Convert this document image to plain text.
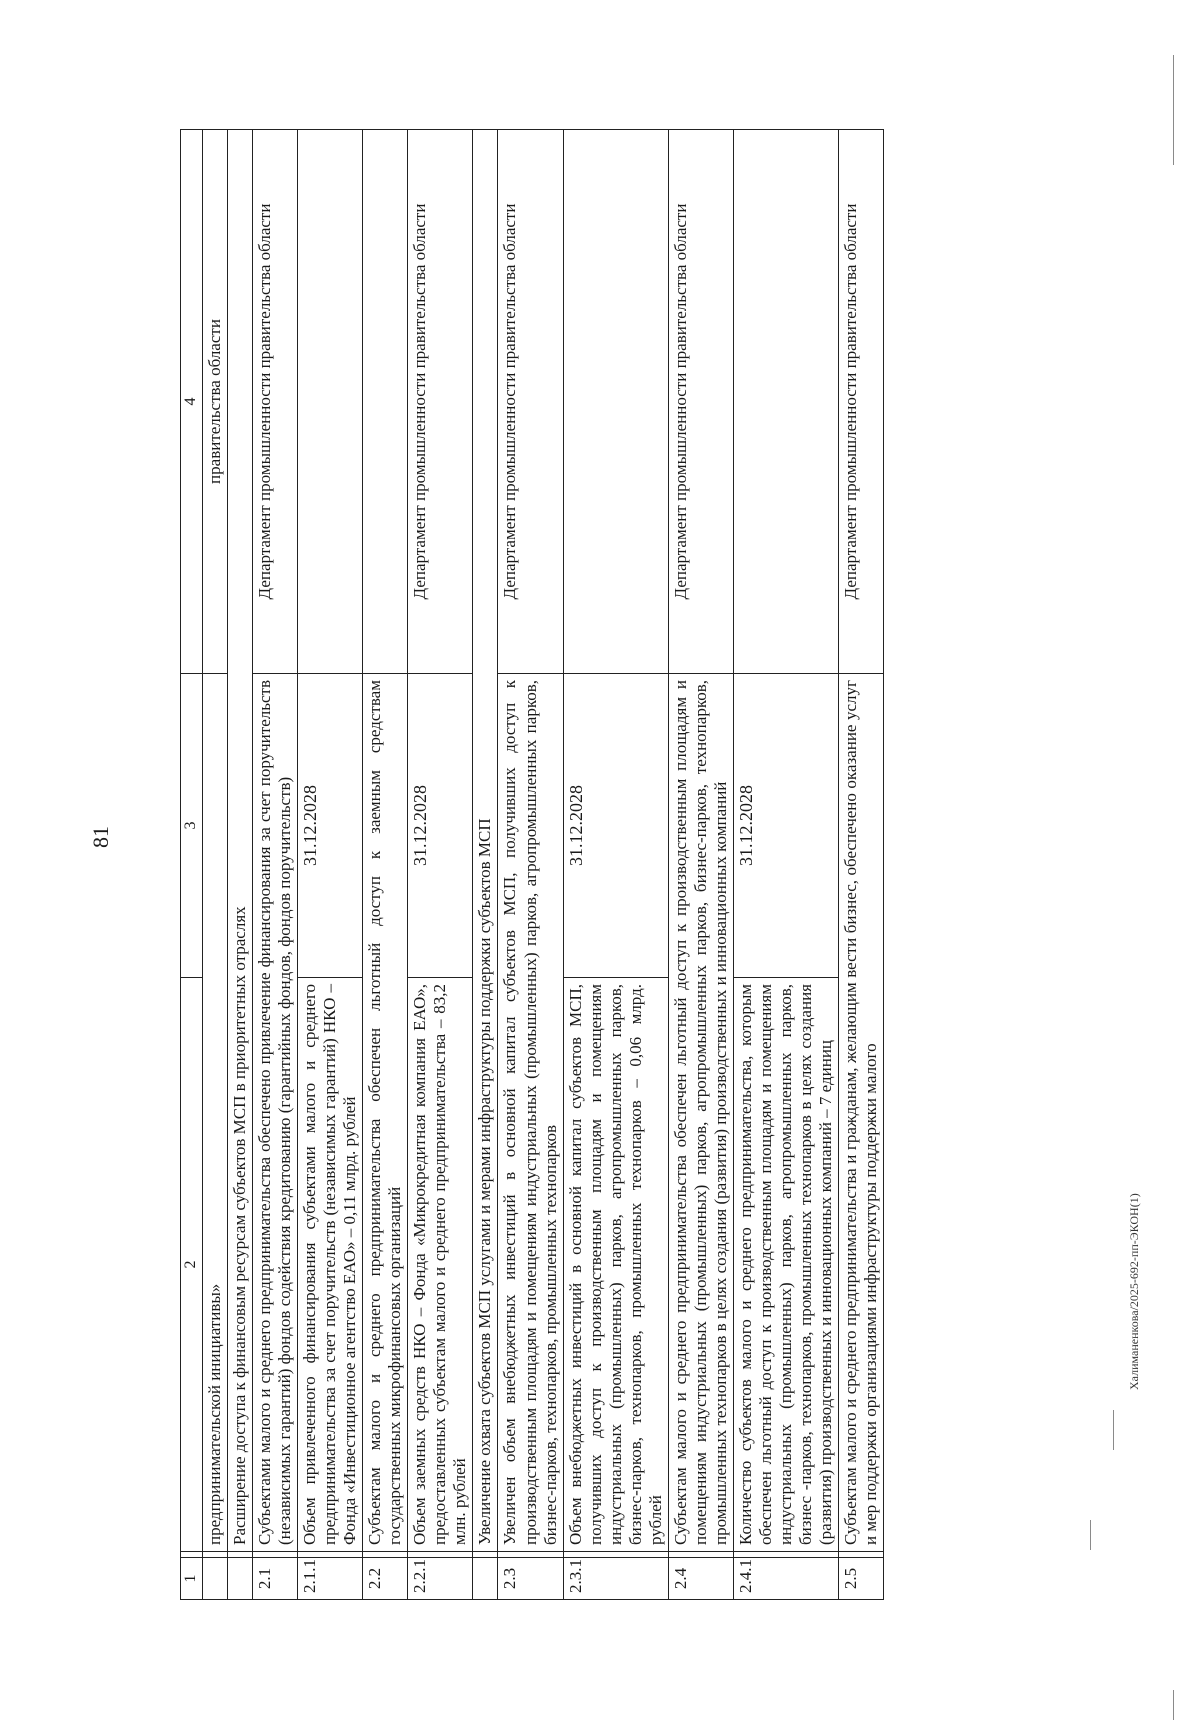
81
Халиманенкова/2025-692-пп-ЭКОН(1)
1		2	3	4
		предпринимательской инициативы»		правительства области
		Расширение доступа к финансовым ресурсам субъектов МСП в приоритетных отраслях		
2.1		Субъектами малого и среднего предпринимательства обеспечено привлечение финансирования за счет поручительств (независимых гарантий) фондов содействия кредитованию (гарантийных фондов, фондов поручительств)		Департамент промышленности правительства области
2.1.1		Объем привлеченного финансирования субъектами малого и среднего предпринимательства за счет поручительств (независимых гарантий) НКО – Фонда «Инвестиционное агентство ЕАО» – 0,11 млрд. рублей	31.12.2028	
2.2		Субъектам малого и среднего предпринимательства обеспечен льготный доступ к заемным средствам государственных микрофинансовых организаций		
2.2.1		Объем заемных средств НКО – Фонда «Микрокредитная компания ЕАО», предоставленных субъектам малого и среднего предпринимательства – 83,2 млн. рублей	31.12.2028	Департамент промышленности правительства области
		Увеличение охвата субъектов МСП услугами и мерами инфраструктуры поддержки субъектов МСП		
2.3		Увеличен объем внебюджетных инвестиций в основной капитал субъектов МСП, получивших доступ к производственным площадям и помещениям индустриальных (промышленных) парков, агропромышленных парков, бизнес-парков, технопарков, промышленных технопарков		Департамент промышленности правительства области
2.3.1		Объем внебюджетных инвестиций в основной капитал субъектов МСП, получивших доступ к производственным площадям и помещениям индустриальных (промышленных) парков, агропромышленных парков, бизнес-парков, технопарков, промышленных технопарков – 0,06 млрд. рублей	31.12.2028	
2.4		Субъектам малого и среднего предпринимательства обеспечен льготный доступ к производственным площадям и помещениям индустриальных (промышленных) парков, агропромышленных парков, бизнес-парков, технопарков, промышленных технопарков в целях создания (развития) производственных и инновационных компаний		Департамент промышленности правительства области
2.4.1		Количество субъектов малого и среднего предпринимательства, которым обеспечен льготный доступ к производственным площадям и помещениям индустриальных (промышленных) парков, агропромышленных парков, бизнес -парков, технопарков, промышленных технопарков в целях создания (развития) производственных и инновационных компаний – 7 единиц	31.12.2028	
2.5		Субъектам малого и среднего предпринимательства и гражданам, желающим вести бизнес, обеспечено оказание услуг и мер поддержки организациями инфраструктуры поддержки малого		Департамент промышленности правительства области
